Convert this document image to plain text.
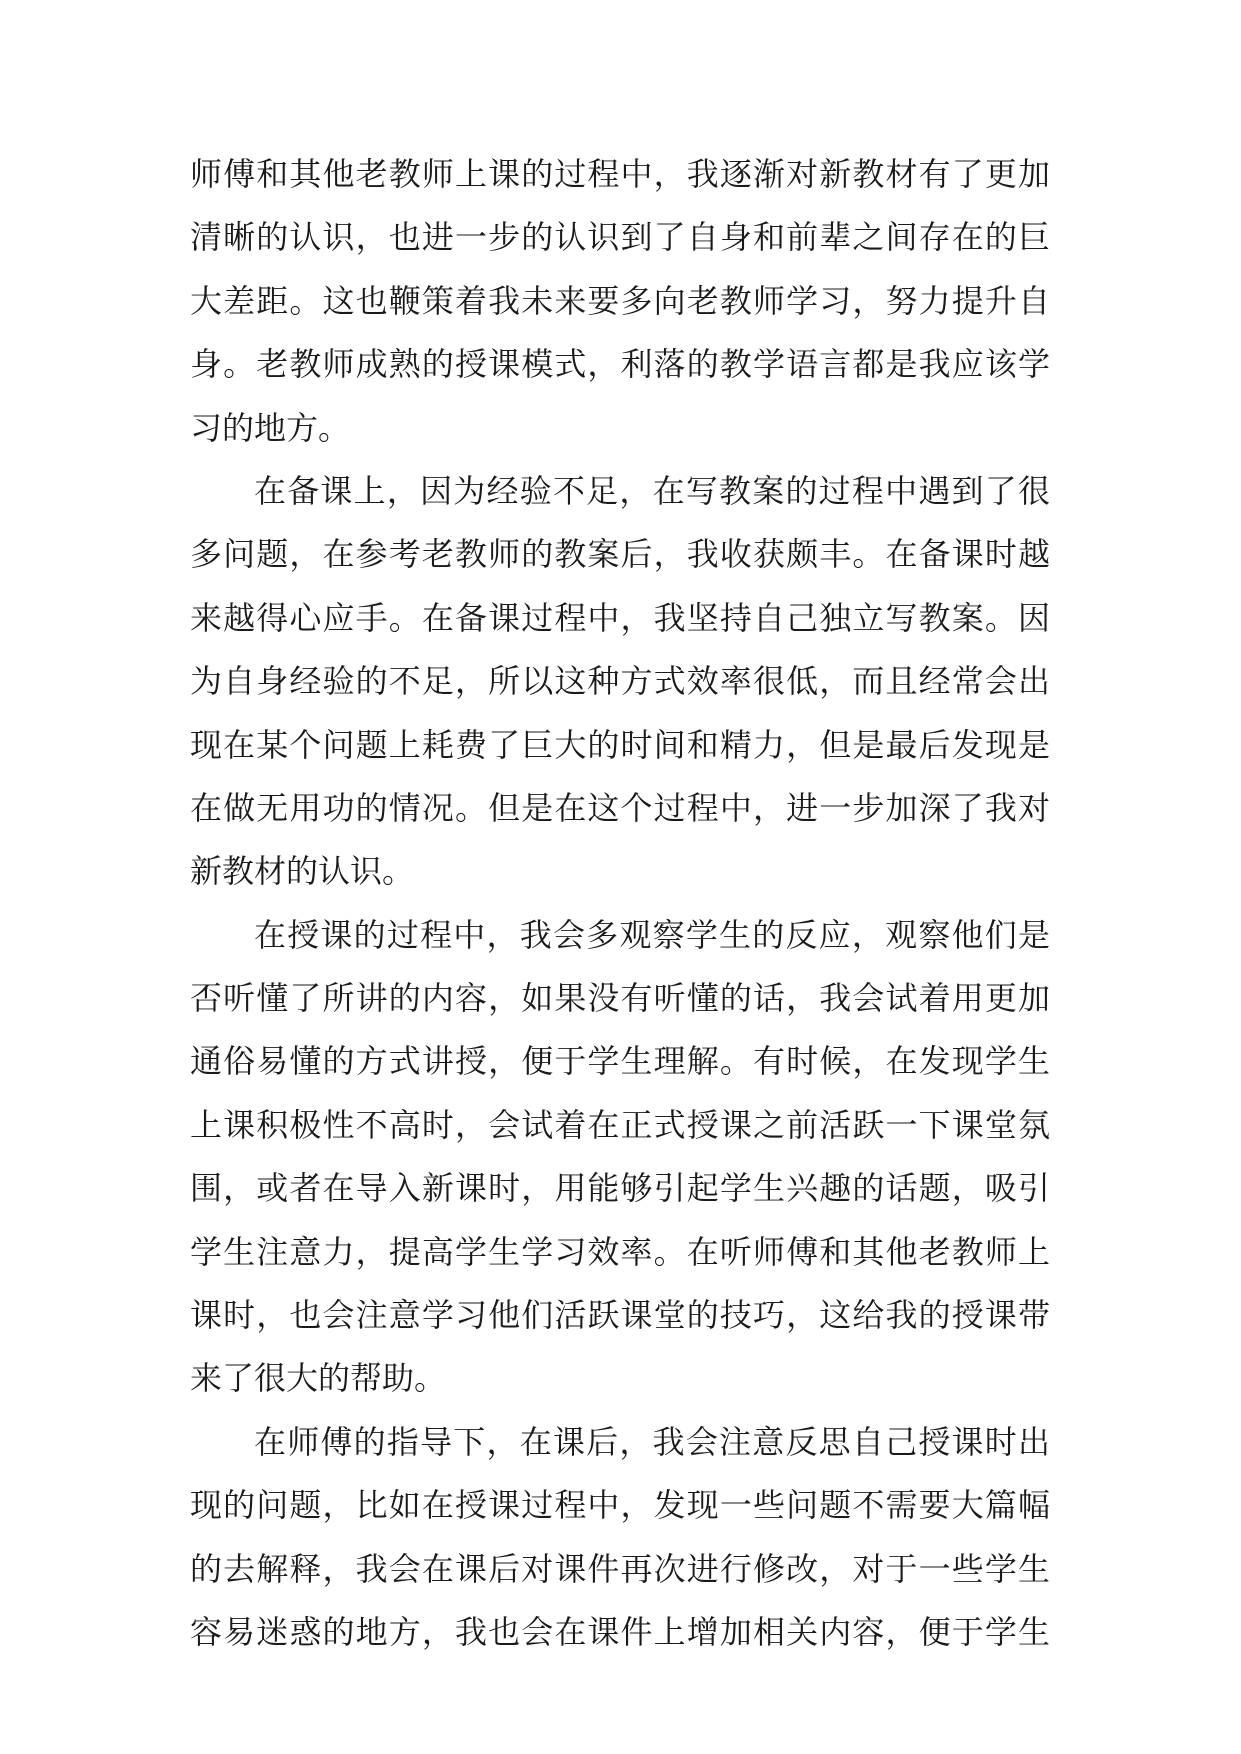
师傅和其他老教师上课的过程中，我逐渐对新教材有了更加
清晰的认识，也进一步的认识到了自身和前辈之间存在的巨
大差距。这也鞭策着我未来要多向老教师学习，努力提升自
身。老教师成熟的授课模式，利落的教学语言都是我应该学
习的地方。
在备课上，因为经验不足，在写教案的过程中遇到了很
多问题，在参考老教师的教案后，我收获颇丰。在备课时越
来越得心应手。在备课过程中，我坚持自己独立写教案。因
为自身经验的不足，所以这种方式效率很低，而且经常会出
现在某个问题上耗费了巨大的时间和精力，但是最后发现是
在做无用功的情况。但是在这个过程中，进一步加深了我对
新教材的认识。
在授课的过程中，我会多观察学生的反应，观察他们是
否听懂了所讲的内容，如果没有听懂的话，我会试着用更加
通俗易懂的方式讲授，便于学生理解。有时候，在发现学生
上课积极性不高时，会试着在正式授课之前活跃一下课堂氛
围，或者在导入新课时，用能够引起学生兴趣的话题，吸引
学生注意力，提高学生学习效率。在听师傅和其他老教师上
课时，也会注意学习他们活跃课堂的技巧，这给我的授课带
来了很大的帮助。
在师傅的指导下，在课后，我会注意反思自己授课时出
现的问题，比如在授课过程中，发现一些问题不需要大篇幅
的去解释，我会在课后对课件再次进行修改，对于一些学生
容易迷惑的地方，我也会在课件上增加相关内容，便于学生
